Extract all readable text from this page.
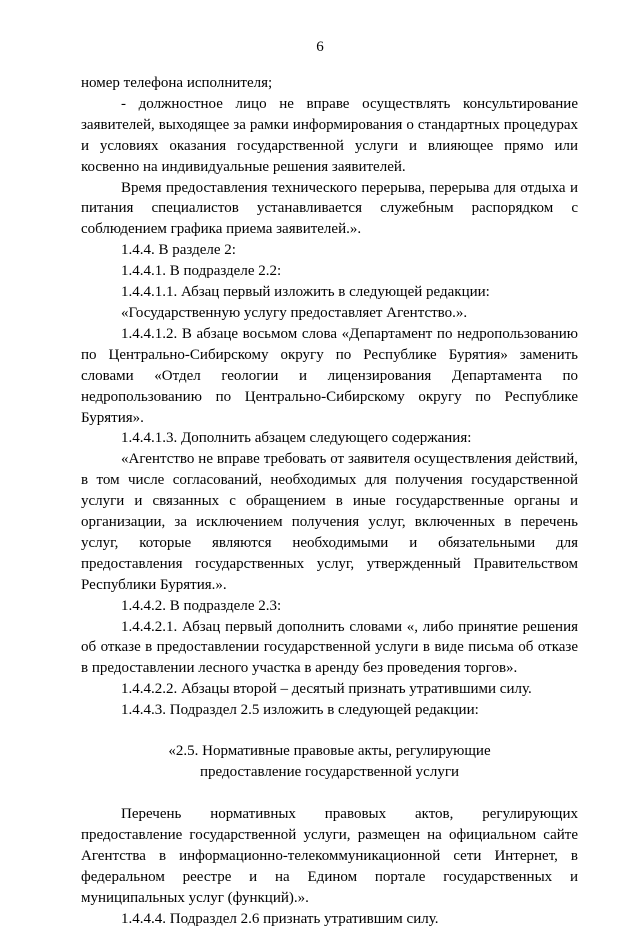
6

номер телефона исполнителя;

- должностное лицо не вправе осуществлять консультирование заявителей, выходящее за рамки информирования о стандартных процедурах и условиях оказания государственной услуги и влияющее прямо или косвенно на индивидуальные решения заявителей.

Время предоставления технического перерыва, перерыва для отдыха и питания специалистов устанавливается служебным распорядком с соблюдением графика приема заявителей.».

1.4.4. В разделе 2:

1.4.4.1. В подразделе 2.2:

1.4.4.1.1. Абзац первый изложить в следующей редакции:

«Государственную услугу предоставляет Агентство.».

1.4.4.1.2. В абзаце восьмом слова «Департамент по недропользованию по Центрально-Сибирскому округу по Республике Бурятия» заменить словами «Отдел геологии и лицензирования Департамента по недропользованию по Центрально-Сибирскому округу по Республике Бурятия».

1.4.4.1.3. Дополнить абзацем следующего содержания:

«Агентство не вправе требовать от заявителя осуществления действий, в том числе согласований, необходимых для получения государственной услуги и связанных с обращением в иные государственные органы и организации, за исключением получения услуг, включенных в перечень услуг, которые являются необходимыми и обязательными для предоставления государственных услуг, утвержденный Правительством Республики Бурятия.».

1.4.4.2. В подразделе 2.3:

1.4.4.2.1. Абзац первый дополнить словами «, либо принятие решения об отказе в предоставлении государственной услуги в виде письма об отказе в предоставлении лесного участка в аренду без проведения торгов».

1.4.4.2.2. Абзацы второй – десятый признать утратившими силу.

1.4.4.3. Подраздел 2.5 изложить в следующей редакции:

«2.5. Нормативные правовые акты, регулирующие
предоставление государственной услуги

Перечень нормативных правовых актов, регулирующих предоставление государственной услуги, размещен на официальном сайте Агентства в информационно-телекоммуникационной сети Интернет, в федеральном реестре и на Едином портале государственных и муниципальных услуг (функций).».

1.4.4.4. Подраздел 2.6 признать утратившим силу.
